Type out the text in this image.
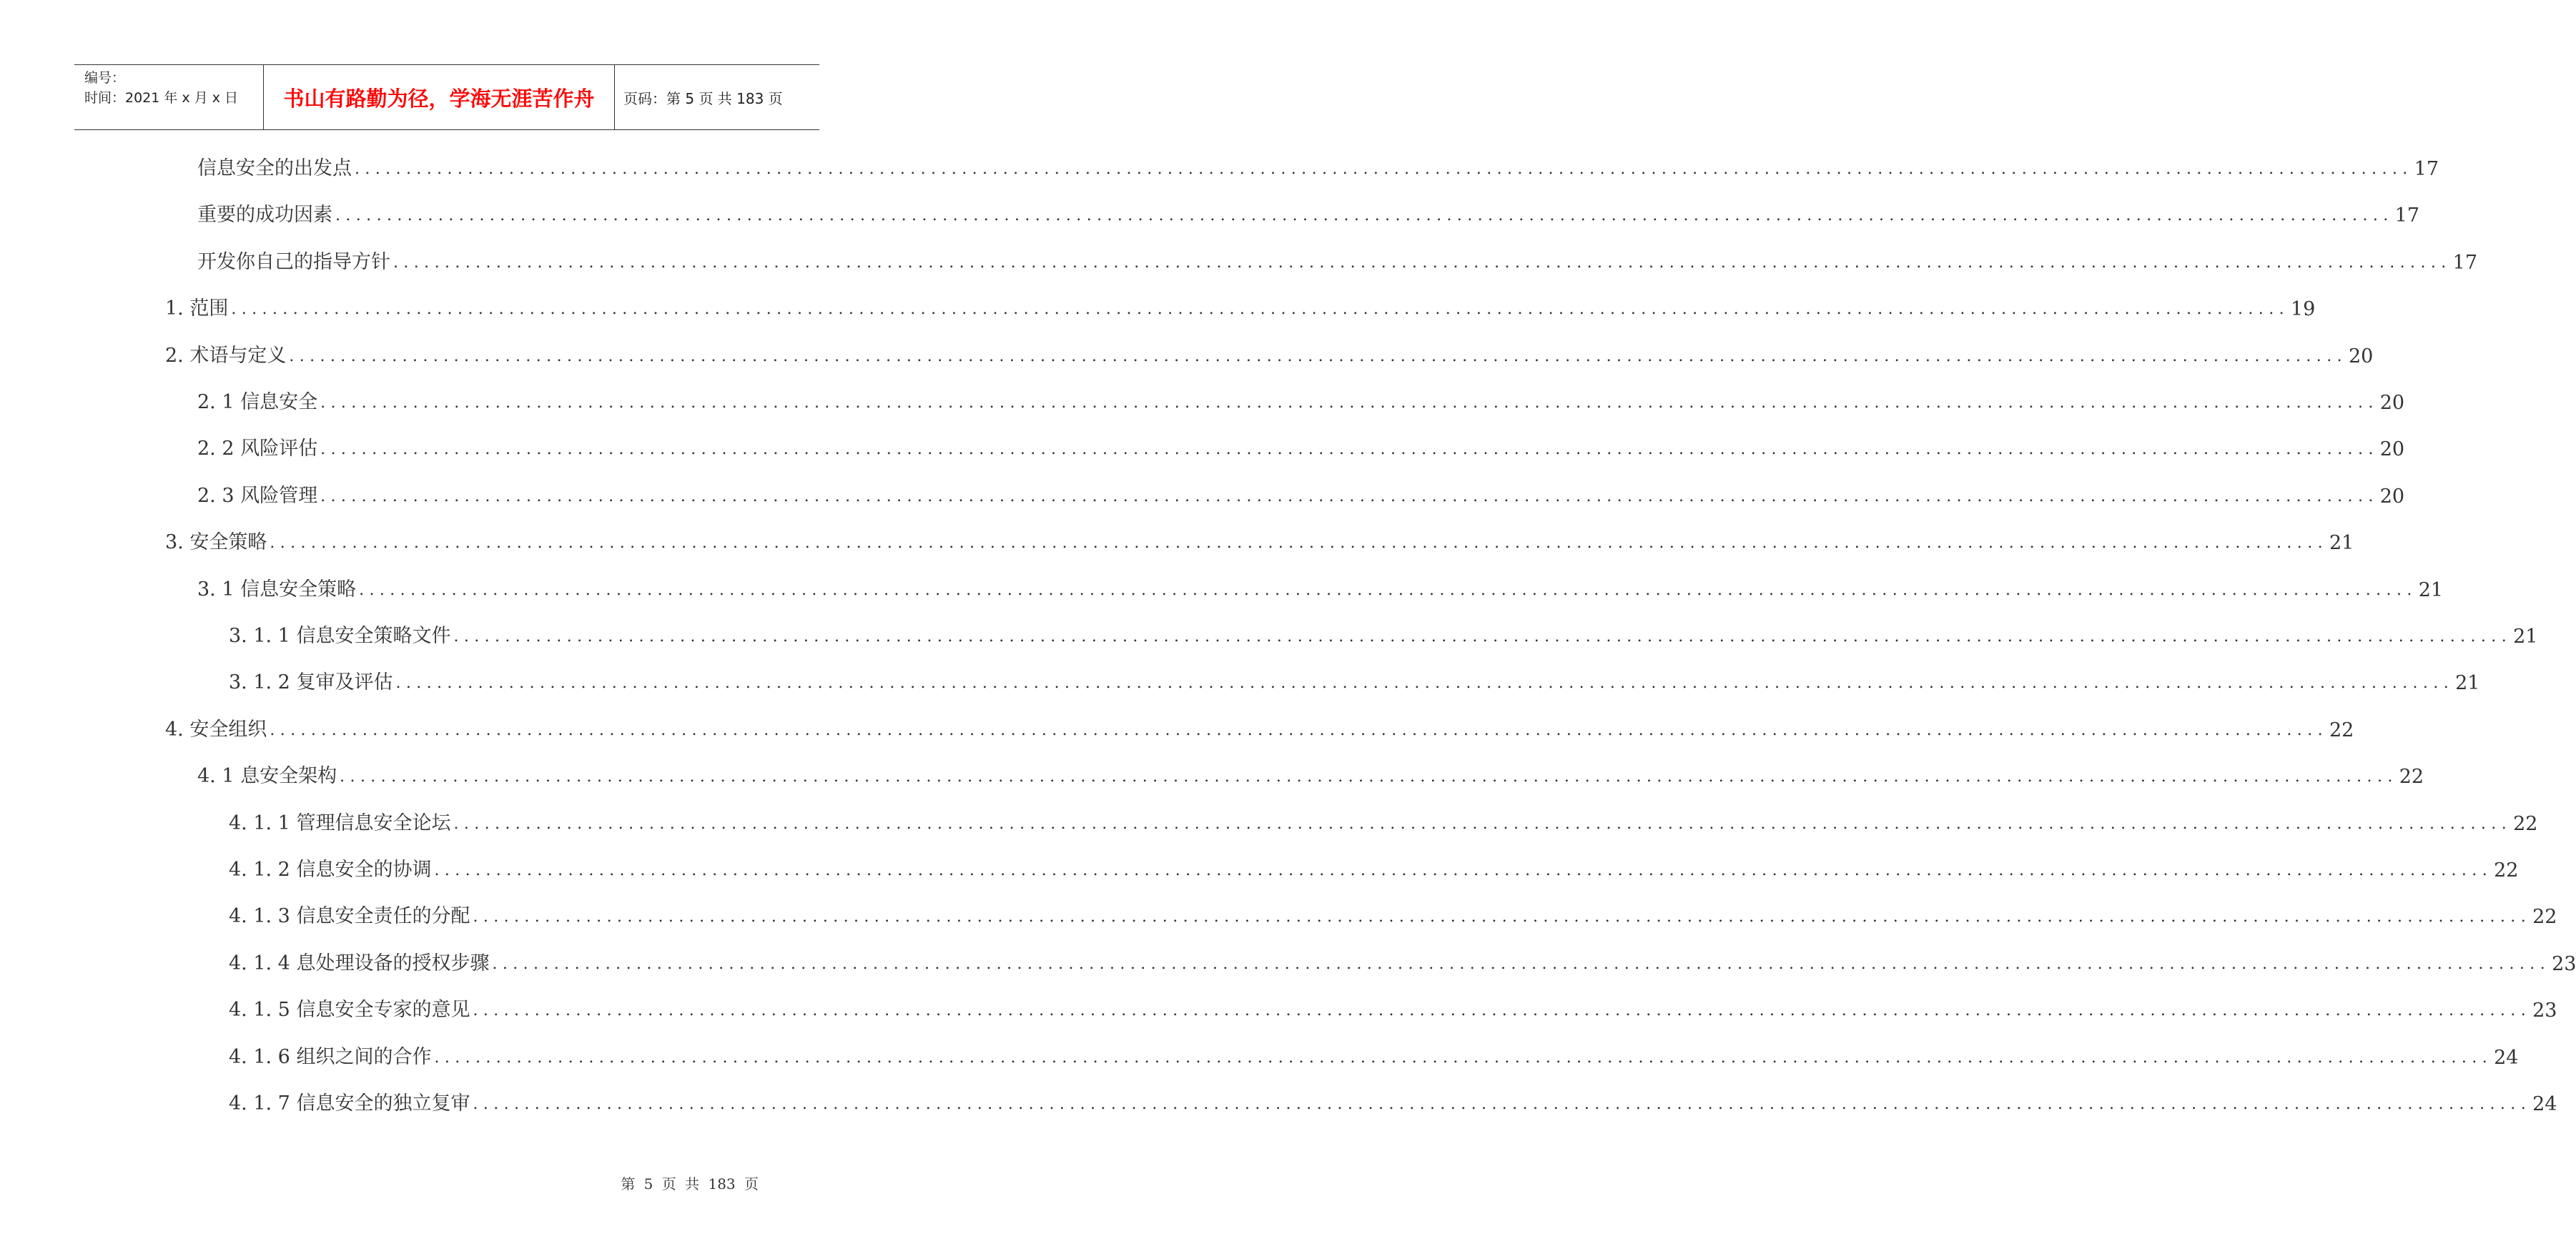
编号：
时间：2021 年 x 月 x 日	书山有路勤为径，学海无涯苦作舟	页码：第 5 页 共 183 页
信息安全的出发点 ........................................................................................................................................................................................................ 17
重要的成功因素 ........................................................................................................................................................................................................ 17
开发你自己的指导方针 ........................................................................................................................................................................................................ 17
1. 范围 ........................................................................................................................................................................................................ 19
2. 术语与定义 ........................................................................................................................................................................................................ 20
2. 1 信息安全 ........................................................................................................................................................................................................ 20
2. 2 风险评估 ........................................................................................................................................................................................................ 20
2. 3 风险管理 ........................................................................................................................................................................................................ 20
3. 安全策略 ........................................................................................................................................................................................................ 21
3. 1 信息安全策略 ........................................................................................................................................................................................................ 21
3. 1. 1 信息安全策略文件 ........................................................................................................................................................................................................ 21
3. 1. 2 复审及评估 ........................................................................................................................................................................................................ 21
4. 安全组织 ........................................................................................................................................................................................................ 22
4. 1 息安全架构 ........................................................................................................................................................................................................ 22
4. 1. 1 管理信息安全论坛 ........................................................................................................................................................................................................ 22
4. 1. 2 信息安全的协调 ........................................................................................................................................................................................................ 22
4. 1. 3 信息安全责任的分配 ........................................................................................................................................................................................................ 22
4. 1. 4 息处理设备的授权步骤 ........................................................................................................................................................................................................ 23
4. 1. 5 信息安全专家的意见 ........................................................................................................................................................................................................ 23
4. 1. 6 组织之间的合作 ........................................................................................................................................................................................................ 24
4. 1. 7 信息安全的独立复审 ........................................................................................................................................................................................................ 24
第 5 页 共 183 页
